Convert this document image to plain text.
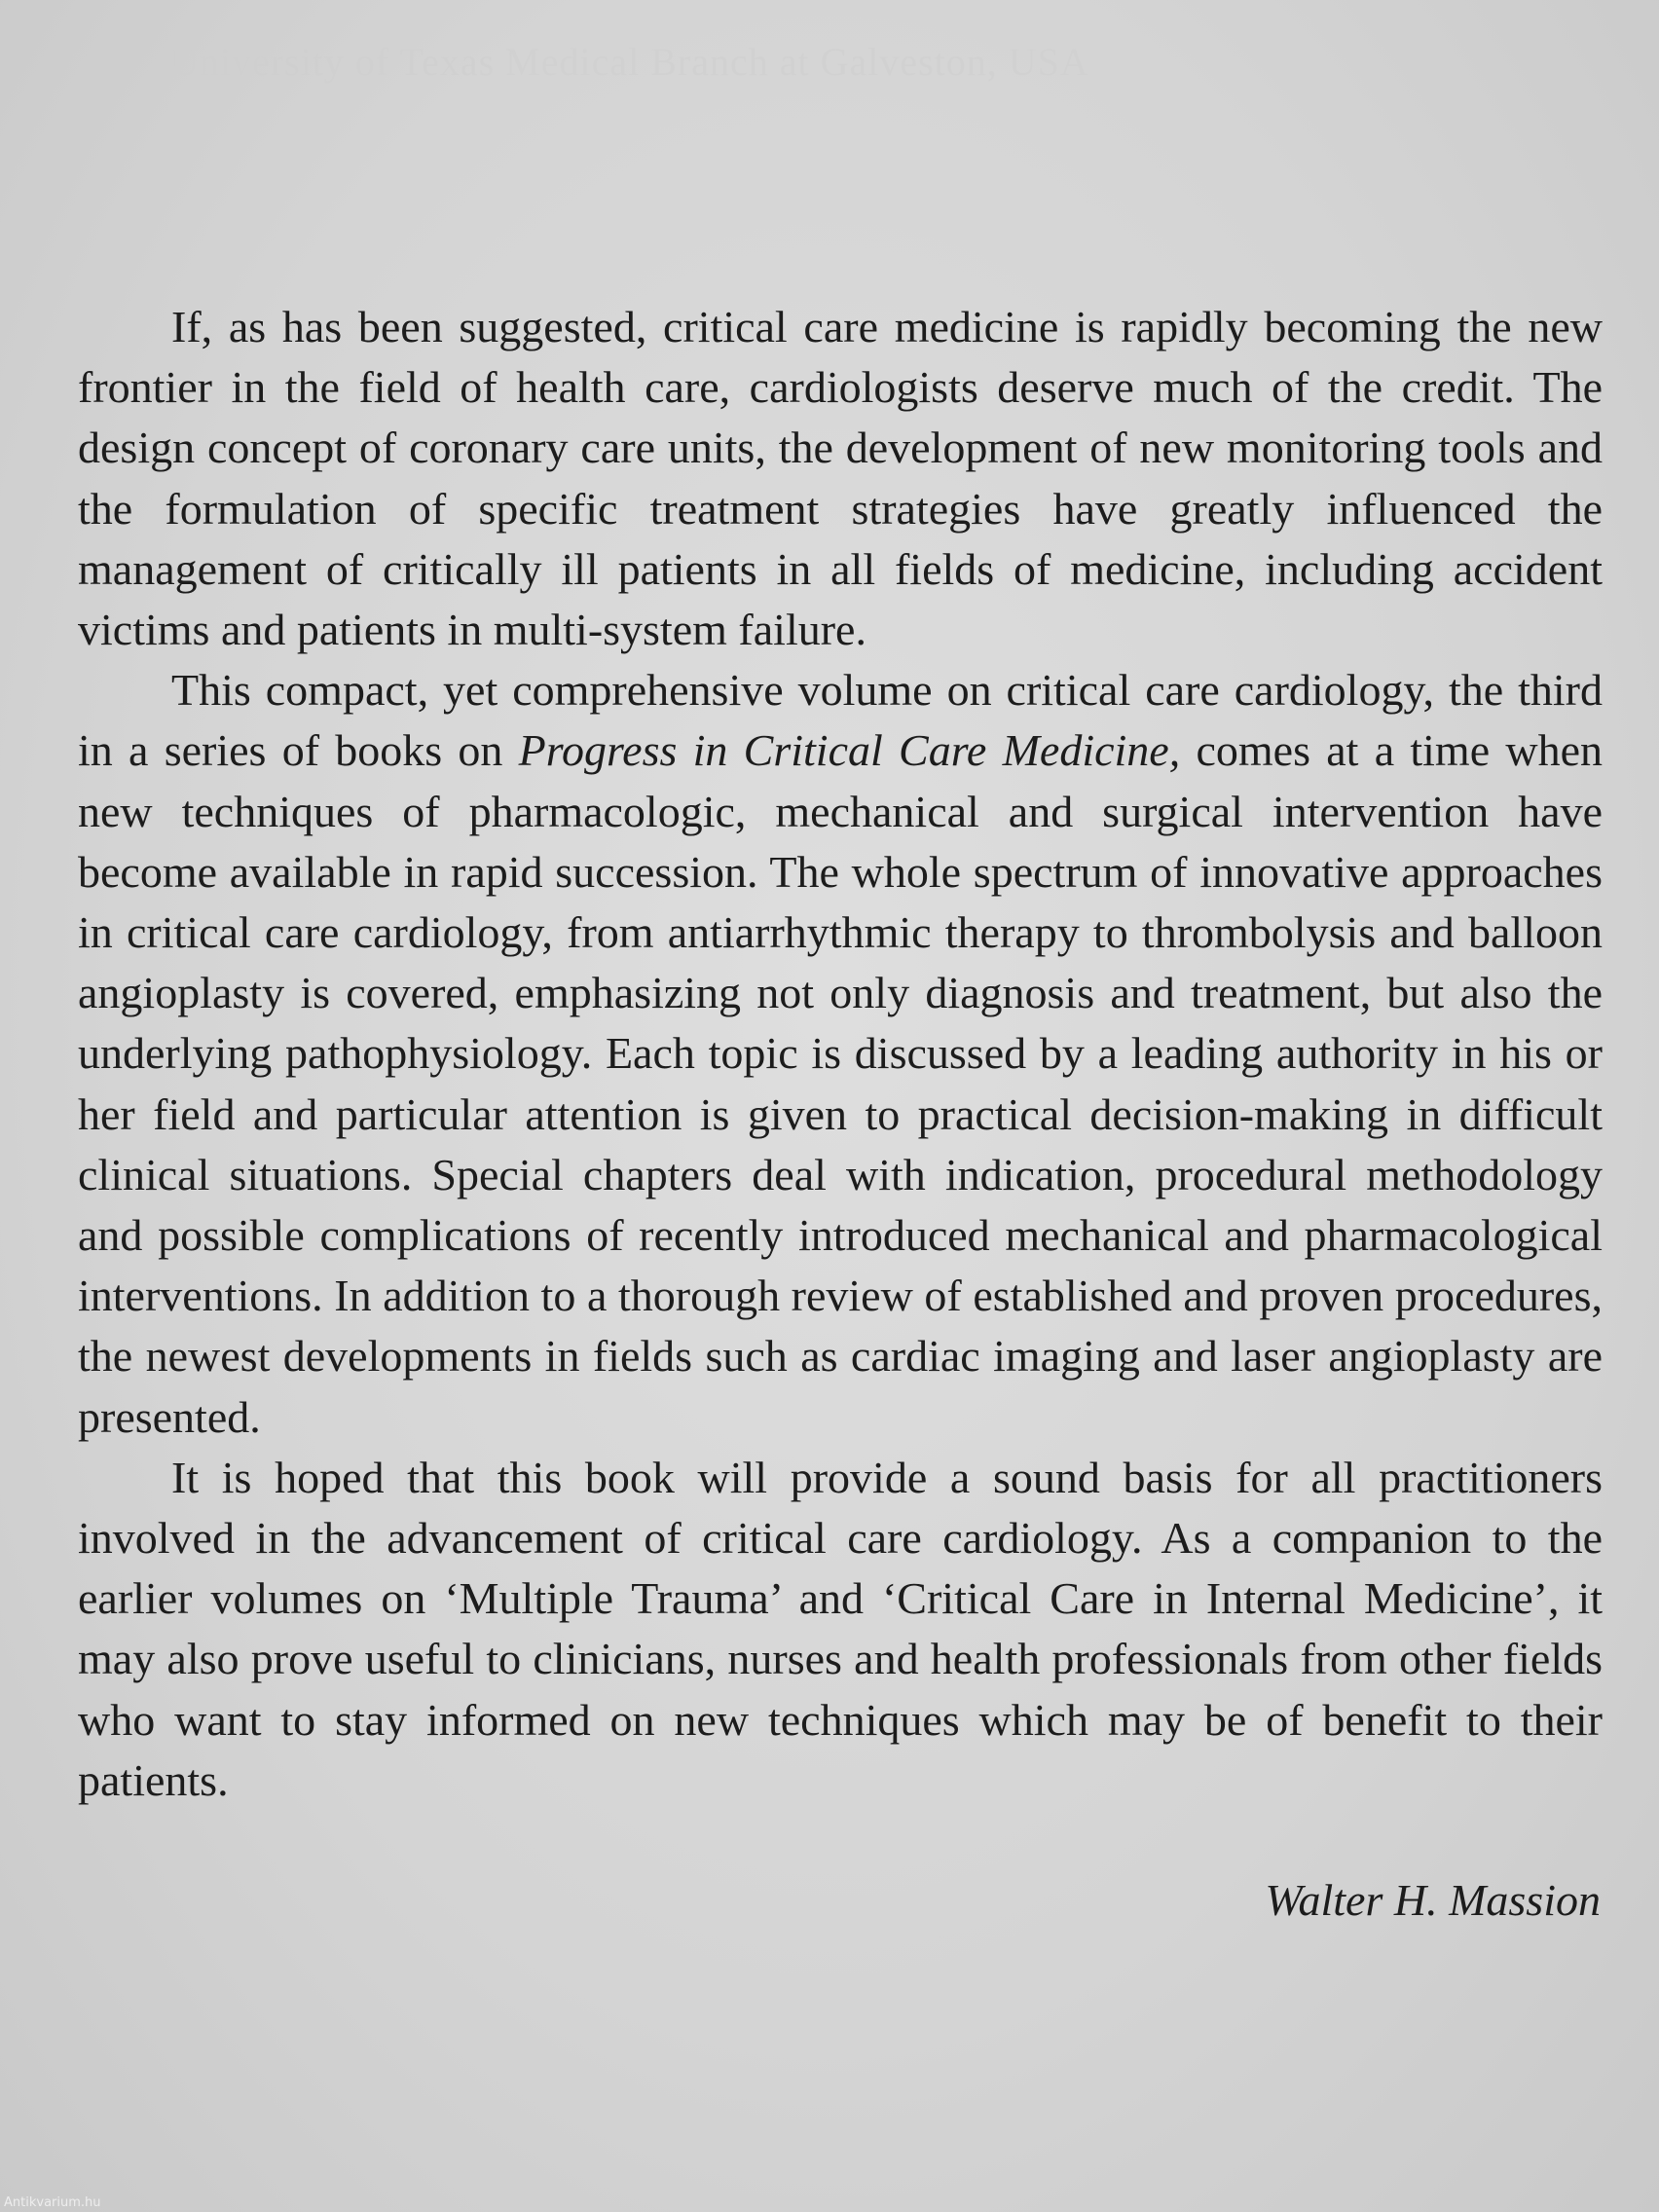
University of Texas Medical Branch at Galveston, USA

If, as has been suggested, critical care medicine is rapidly becoming the new frontier in the field of health care, cardiologists deserve much of the credit. The design concept of coronary care units, the development of new monitoring tools and the formulation of specific treatment strategies have greatly influenced the management of critically ill patients in all fields of medicine, including accident victims and patients in multi-system failure.

This compact, yet comprehensive volume on critical care cardiology, the third in a series of books on Progress in Critical Care Medicine, comes at a time when new techniques of pharmacologic, mechanical and surgical intervention have become available in rapid succession. The whole spectrum of innovative approaches in critical care cardiology, from antiarrhythmic therapy to thrombolysis and balloon angioplasty is covered, emphasizing not only diagnosis and treatment, but also the underlying pathophysiology. Each topic is discussed by a leading authority in his or her field and particular attention is given to practical decision-making in difficult clinical situations. Special chapters deal with indication, procedural methodology and possible complications of recently introduced mechanical and pharmacological interventions. In addition to a thorough review of established and proven procedures, the newest developments in fields such as cardiac imaging and laser angioplasty are presented.

It is hoped that this book will provide a sound basis for all practitioners involved in the advancement of critical care cardiology. As a companion to the earlier volumes on ‘Multiple Trauma’ and ‘Critical Care in Internal Medicine’, it may also prove useful to clinicians, nurses and health professionals from other fields who want to stay informed on new techniques which may be of benefit to their patients.

Walter H. Massion
Antikvarium.hu
